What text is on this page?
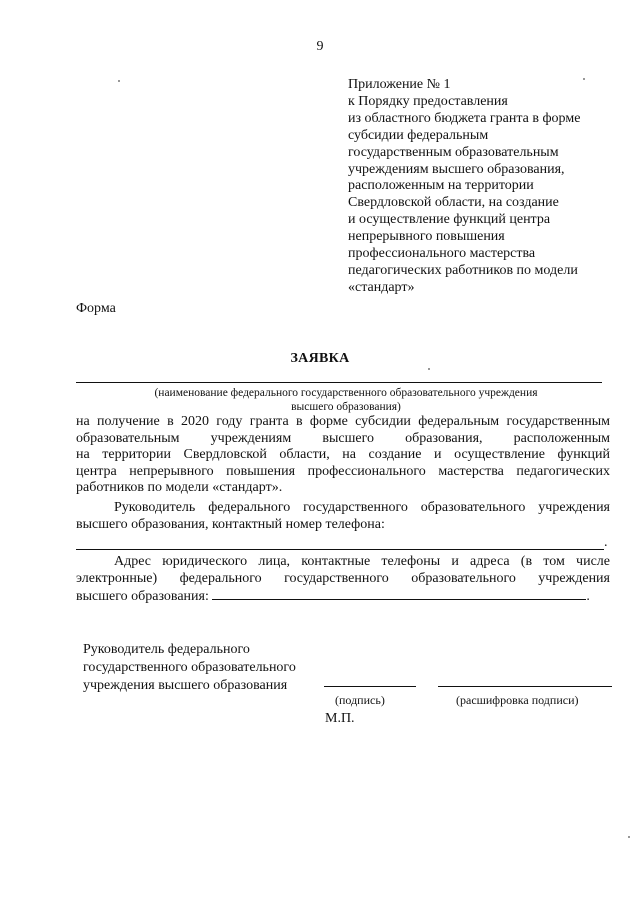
9
Приложение № 1
к Порядку предоставления
из областного бюджета гранта в форме
субсидии федеральным
государственным образовательным
учреждениям высшего образования,
расположенным на территории
Свердловской области, на создание
и осуществление функций центра
непрерывного повышения
профессионального мастерства
педагогических работников по модели
«стандарт»
Форма
ЗАЯВКА
(наименование федерального государственного образовательного учреждения
высшего образования)
на получение в 2020 году гранта в форме субсидии федеральным государственным
образовательным учреждениям высшего образования, расположенным
на территории Свердловской области, на создание и осуществление функций
центра непрерывного повышения профессионального мастерства педагогических
работников по модели «стандарт».
Руководитель федерального государственного образовательного учреждения
высшего образования, контактный номер телефона:
.
Адрес юридического лица, контактные телефоны и адреса (в том числе
электронные) федерального государственного образовательного учреждения
высшего образования:	.
Руководитель федерального
государственного образовательного
учреждения высшего образования
(подпись)	(расшифровка подписи)
М.П.
